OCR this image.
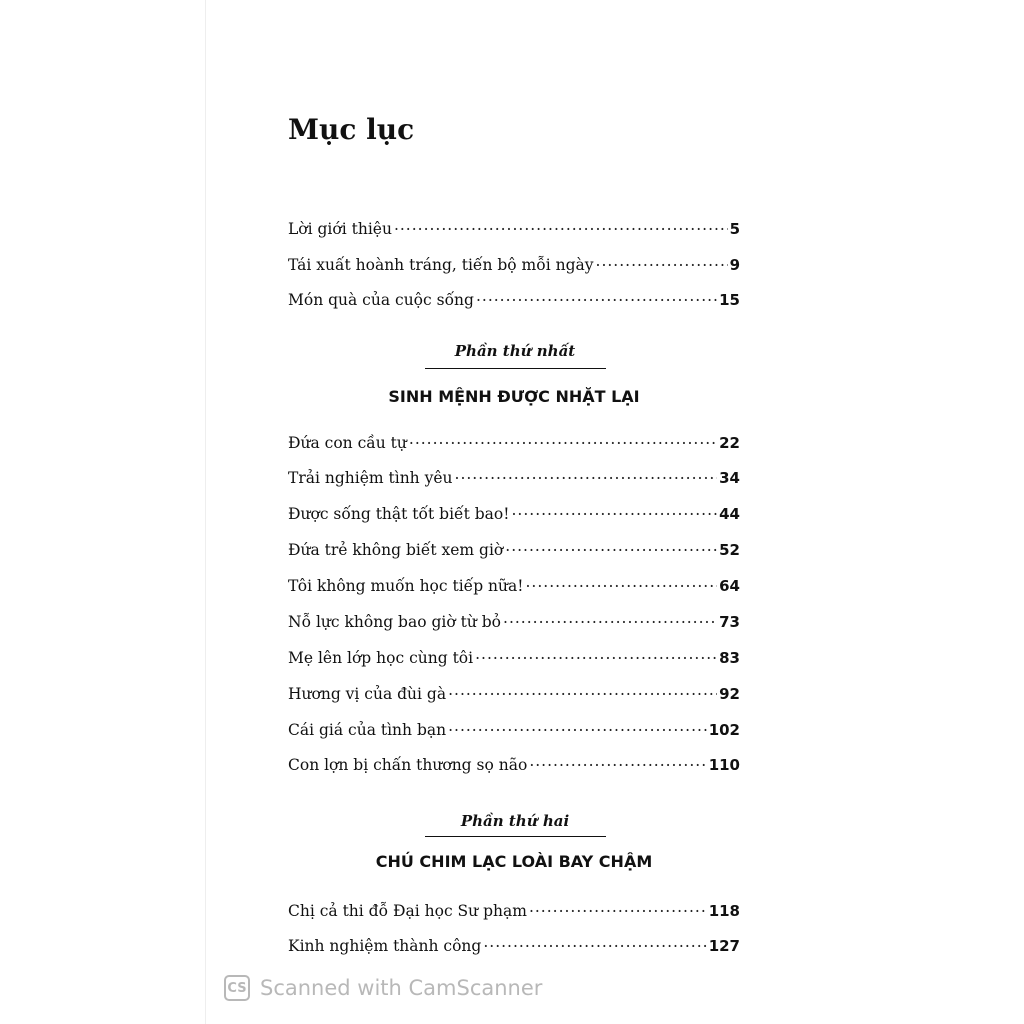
Mục lục
Lời giới thiệu .....	5
Tái xuất hoành tráng, tiến bộ mỗi ngày .....	9
Món quà của cuộc sống .....	15
Phần thứ nhất
SINH MỆNH ĐƯỢC NHẶT LẠI
Đứa con cầu tự .....	22
Trải nghiệm tình yêu .....	34
Được sống thật tốt biết bao! .....	44
Đứa trẻ không biết xem giờ .....	52
Tôi không muốn học tiếp nữa! .....	64
Nỗ lực không bao giờ từ bỏ .....	73
Mẹ lên lớp học cùng tôi .....	83
Hương vị của đùi gà .....	92
Cái giá của tình bạn .....	102
Con lợn bị chấn thương sọ não .....	110
Phần thứ hai
CHÚ CHIM LẠC LOÀI BAY CHẬM
Chị cả thi đỗ Đại học Sư phạm .....	118
Kinh nghiệm thành công .....	127
CS Scanned with CamScanner
